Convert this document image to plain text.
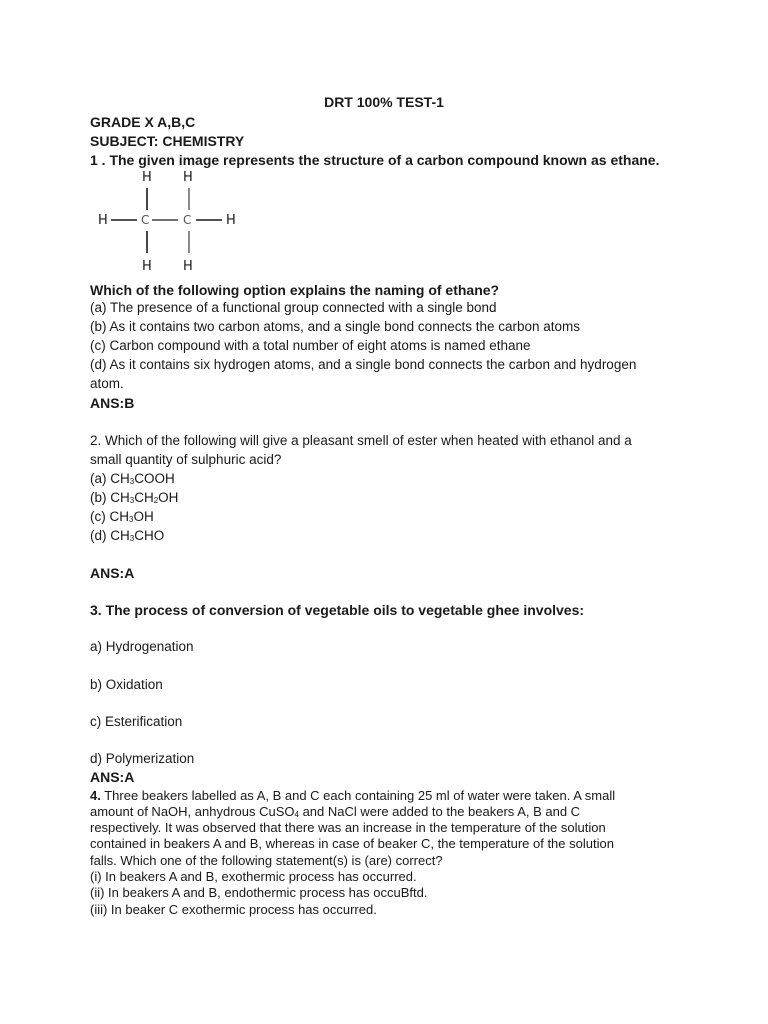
DRT 100% TEST-1
GRADE X A,B,C
SUBJECT: CHEMISTRY
1 . The given image represents the structure of a carbon compound known as ethane.
H H
H	C	C	H
H H
Which of the following option explains the naming of ethane?
(a) The presence of a functional group connected with a single bond
(b) As it contains two carbon atoms, and a single bond connects the carbon atoms
(c) Carbon compound with a total number of eight atoms is named ethane
(d) As it contains six hydrogen atoms, and a single bond connects the carbon and hydrogen
atom.
ANS:B
2. Which of the following will give a pleasant smell of ester when heated with ethanol and a
small quantity of sulphuric acid?
(a) $CH_3COOH$
(b) $CH_3CH_2OH$
(c) $CH_3OH$
(d) $CH_3CHO$
ANS:A
3. The process of conversion of vegetable oils to vegetable ghee involves:
a) Hydrogenation
b) Oxidation
c) Esterification
d) Polymerization
ANS:A
4. Three beakers labelled as A, B and C each containing 25 ml of water were taken. A small
amount of NaOH, anhydrous CuSO$_4$ and NaCl were added to the beakers A, B and C
respectively. It was observed that there was an increase in the temperature of the solution
contained in beakers A and B, whereas in case of beaker C, the temperature of the solution
falls. Which one of the following statement(s) is (are) correct?
(i) In beakers A and B, exothermic process has occurred.
(ii) In beakers A and B, endothermic process has occuBftd.
(iii) In beaker C exothermic process has occurred.
